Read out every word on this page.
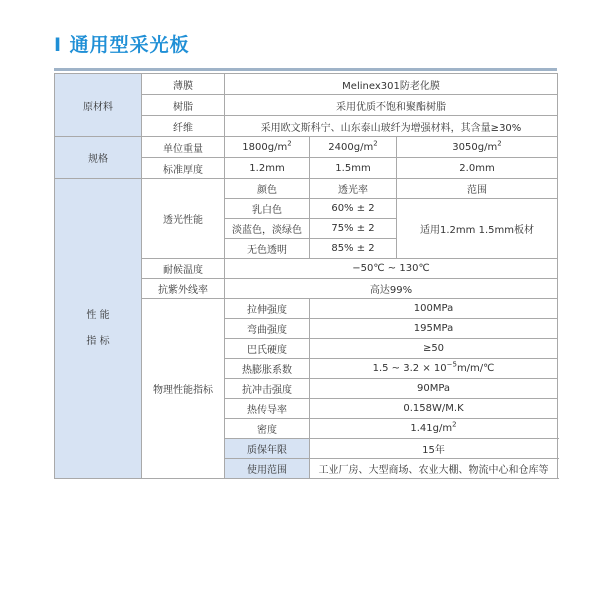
I 通用型采光板
原材料	薄膜	Melinex301防老化膜		
	树脂	采用优质不饱和聚酯树脂		
	纤维	采用欧文斯科宁、山东泰山玻纤为增强材料，其含量≥30%		
规格	单位重量	$1800g/m^2$	$2400g/m^2$	$3050g/m^2$
	标准厚度	1.2mm	1.5mm	2.0mm

性 能
指 标	透光性能	颜色	透光率	范围
		乳白色	60% ± 2	适用1.2mm 1.5mm板材
		淡蓝色，淡绿色	75% ± 2	
		无色透明	85% ± 2	
	耐候温度	−50℃ ~ 130℃		
	抗紫外线率	高达99%		
	物理性能指标	拉伸强度	100MPa	
		弯曲强度	195MPa	
		巴氏硬度	≥50	
		热膨胀系数	1.5 ~ $3.2 \times 10^{-5}m/m/℃$	
		抗冲击强度	90MPa	
		热传导率	0.158W/M.K	
		密度	$1.41g/m^2$
		质保年限	15年	
		使用范围	工业厂房、大型商场、农业大棚、物流中心和仓库等	
